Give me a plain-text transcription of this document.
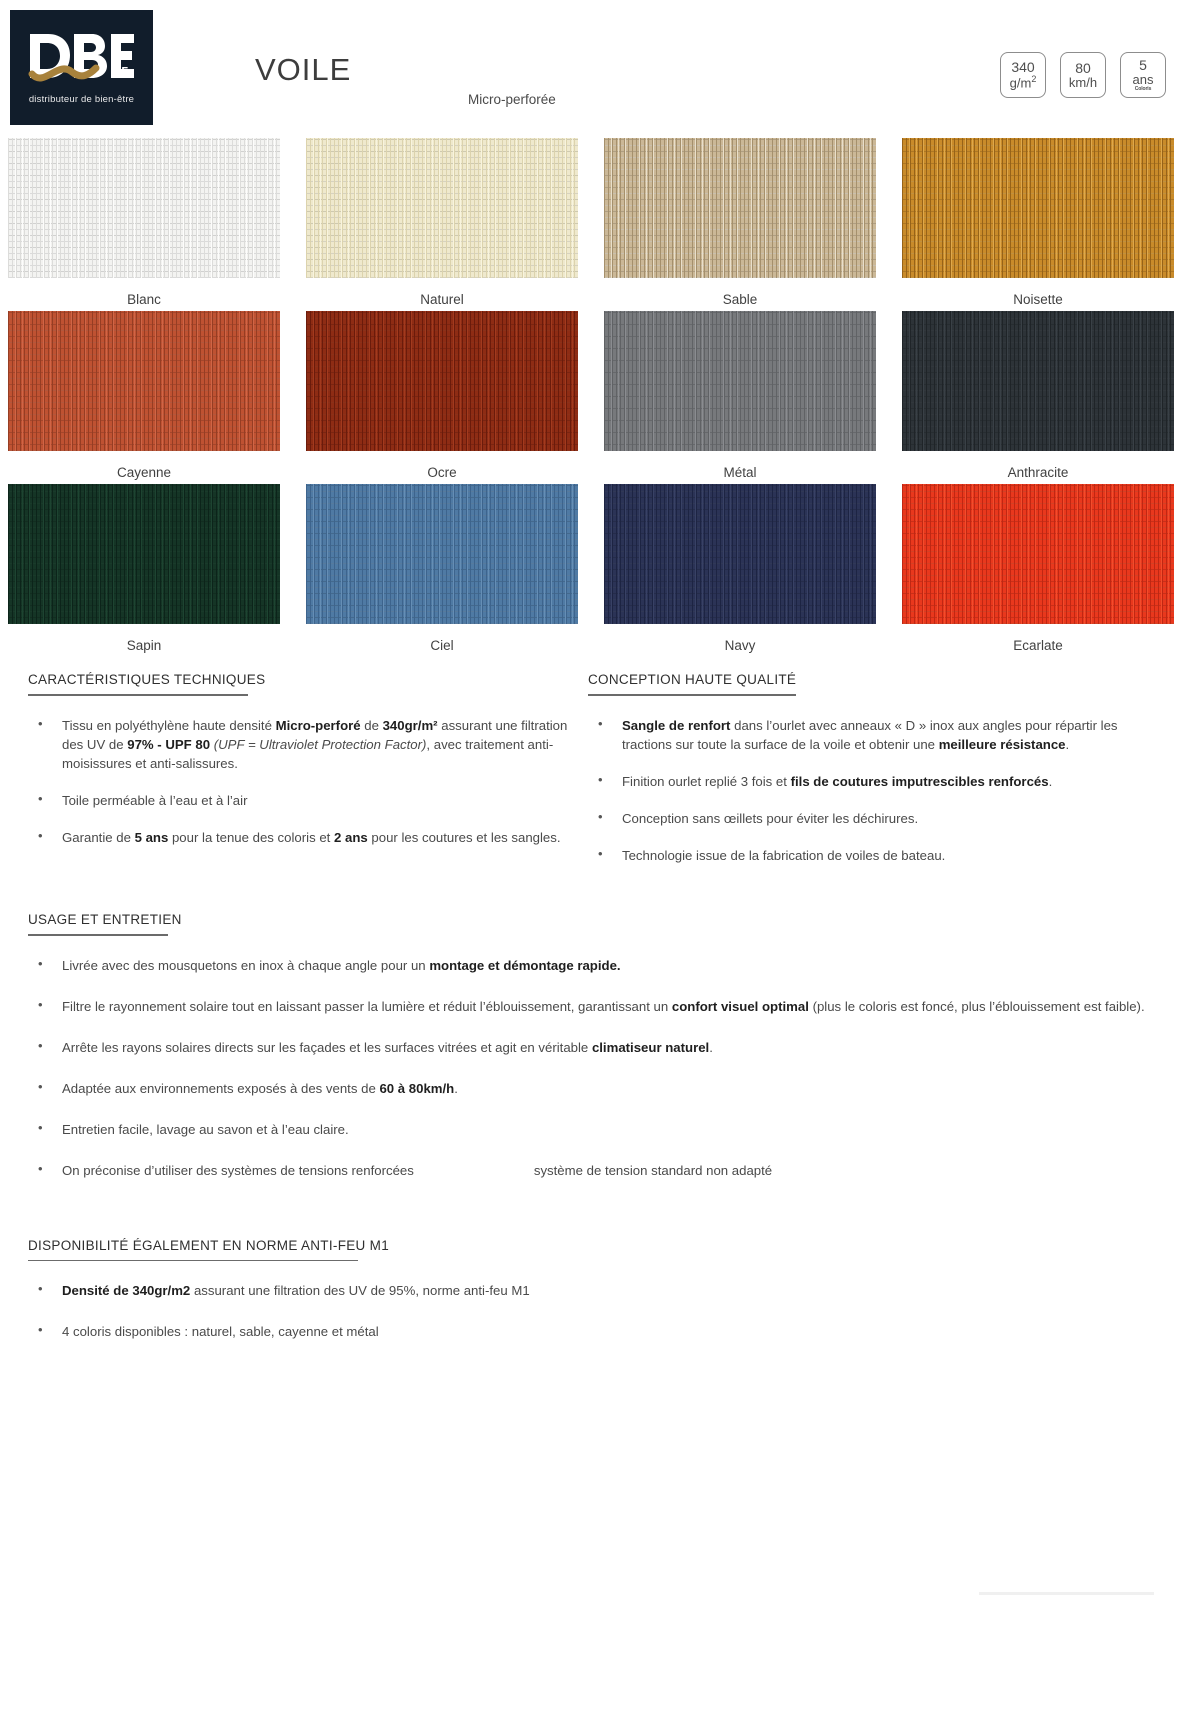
85
distributeur de bien-être
VOILE
Micro-perforée
340
$g/m^2$
80
km/h
5
ans
Coloris
Blanc	Naturel	Sable	Noisette
Cayenne	Ocre	Métal	Anthracite
Sapin	Ciel	Navy	Ecarlate
CARACTÉRISTIQUES TECHNIQUES
• Tissu en polyéthylène haute densité Micro-perforé de 340gr/m² assurant une filtration des UV de 97% - UPF 80 (UPF = Ultraviolet Protection Factor), avec traitement anti-moisissures et anti-salissures.
• Toile perméable à l’eau et à l’air
• Garantie de 5 ans pour la tenue des coloris et 2 ans pour les coutures et les sangles.
CONCEPTION HAUTE QUALITÉ
• Sangle de renfort dans l’ourlet avec anneaux « D » inox aux angles pour répartir les tractions sur toute la surface de la voile et obtenir une meilleure résistance.
• Finition ourlet replié 3 fois et fils de coutures imputrescibles renforcés.
• Conception sans œillets pour éviter les déchirures.
• Technologie issue de la fabrication de voiles de bateau.
USAGE ET ENTRETIEN
• Livrée avec des mousquetons en inox à chaque angle pour un montage et démontage rapide.
• Filtre le rayonnement solaire tout en laissant passer la lumière et réduit l’éblouissement, garantissant un confort visuel optimal (plus le coloris est foncé, plus l’éblouissement est faible).
• Arrête les rayons solaires directs sur les façades et les surfaces vitrées et agit en véritable climatiseur naturel.
• Adaptée aux environnements exposés à des vents de 60 à 80km/h.
• Entretien facile, lavage au savon et à l’eau claire.
• On préconise d’utiliser des systèmes de tensions renforcées	système de tension standard non adapté
DISPONIBILITÉ ÉGALEMENT EN NORME ANTI-FEU M1
• Densité de 340gr/m2 assurant une filtration des UV de 95%, norme anti-feu M1
• 4 coloris disponibles : naturel, sable, cayenne et métal
